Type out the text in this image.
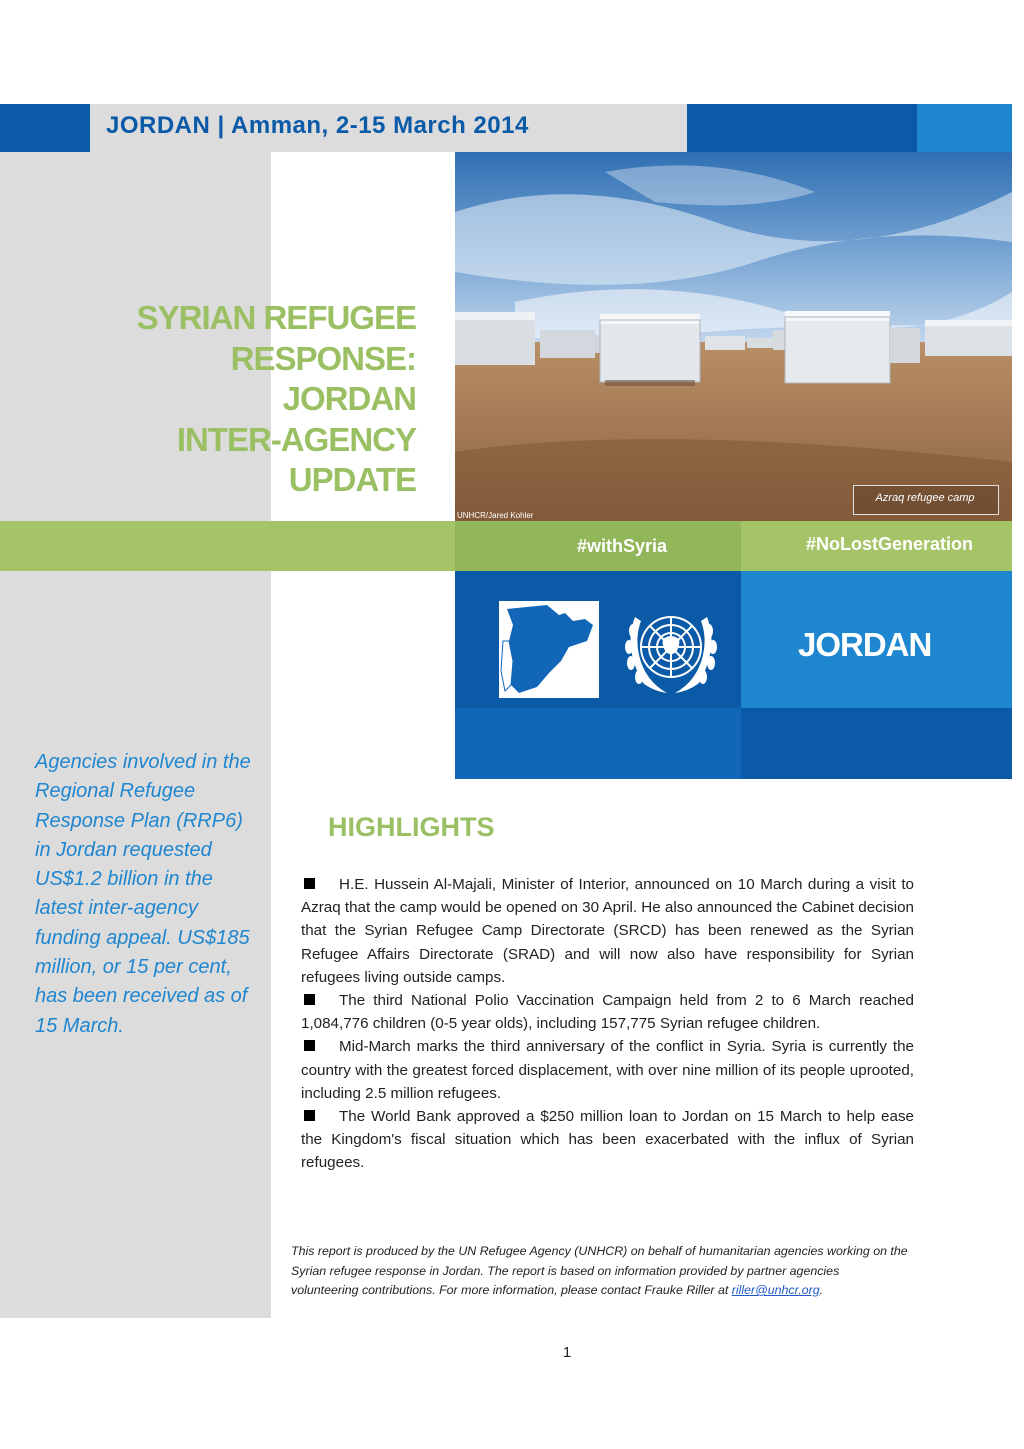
JORDAN | Amman, 2-15 March 2014
SYRIAN REFUGEE
RESPONSE:
JORDAN
INTER-AGENCY
UPDATE	Azraq refugee camp
UNHCR/Jared Kohler
#withSyria	#NoLostGeneration
JORDAN
Agencies involved in the Regional Refugee Response Plan (RRP6) in Jordan requested US$1.2 billion in the latest inter-agency funding appeal. US$185 million, or 15 per cent, has been received as of 15 March.
HIGHLIGHTS

H.E. Hussein Al-Majali, Minister of Interior, announced on 10 March during a visit to Azraq that the camp would be opened on 30 April. He also announced the Cabinet decision that the Syrian Refugee Camp Directorate (SRCD) has been renewed as the Syrian Refugee Affairs Directorate (SRAD) and will now also have responsibility for Syrian refugees living outside camps.

The third National Polio Vaccination Campaign held from 2 to 6 March reached 1,084,776 children (0-5 year olds), including 157,775 Syrian refugee children.

Mid-March marks the third anniversary of the conflict in Syria. Syria is currently the country with the greatest forced displacement, with over nine million of its people uprooted, including 2.5 million refugees.

The World Bank approved a $250 million loan to Jordan on 15 March to help ease the Kingdom's fiscal situation which has been exacerbated with the influx of Syrian refugees.

This report is produced by the UN Refugee Agency (UNHCR) on behalf of humanitarian agencies working on the Syrian refugee response in Jordan. The report is based on information provided by partner agencies volunteering contributions. For more information, please contact Frauke Riller at riller@unhcr.org.
1
